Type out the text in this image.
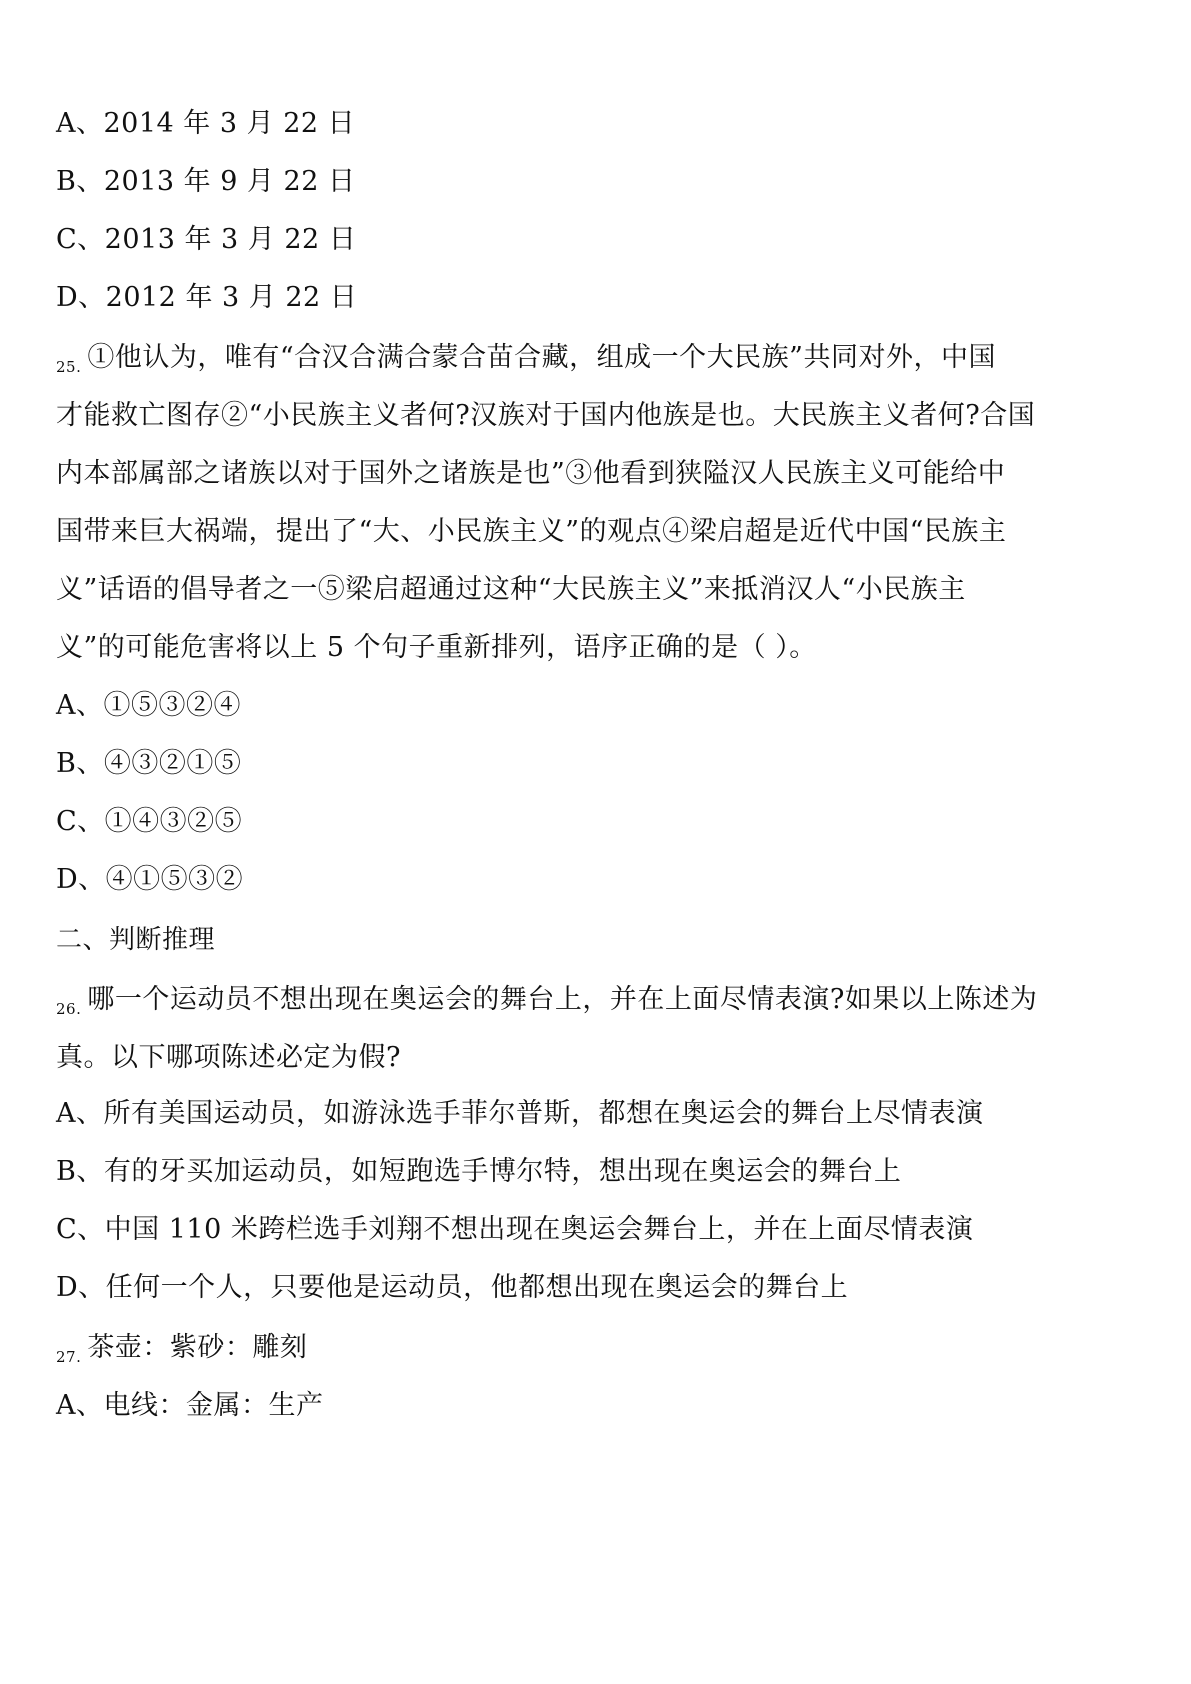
A、2014 年 3 月 22 日
B、2013 年 9 月 22 日
C、2013 年 3 月 22 日
D、2012 年 3 月 22 日
$_{25.}$ ①他认为，唯有“合汉合满合蒙合苗合藏，组成一个大民族”共同对外，中国
才能救亡图存②“小民族主义者何?汉族对于国内他族是也。大民族主义者何?合国
内本部属部之诸族以对于国外之诸族是也”③他看到狭隘汉人民族主义可能给中
国带来巨大祸端，提出了“大、小民族主义”的观点④梁启超是近代中国“民族主
义”话语的倡导者之一⑤梁启超通过这种“大民族主义”来抵消汉人“小民族主
义”的可能危害将以上 5 个句子重新排列，语序正确的是（ ）。
A、①⑤③②④
B、④③②①⑤
C、①④③②⑤
D、④①⑤③②
二、判断推理
$_{26.}$ 哪一个运动员不想出现在奥运会的舞台上，并在上面尽情表演?如果以上陈述为
真。以下哪项陈述必定为假?
A、所有美国运动员，如游泳选手菲尔普斯，都想在奥运会的舞台上尽情表演
B、有的牙买加运动员，如短跑选手博尔特，想出现在奥运会的舞台上
C、中国 110 米跨栏选手刘翔不想出现在奥运会舞台上，并在上面尽情表演
D、任何一个人，只要他是运动员，他都想出现在奥运会的舞台上
$_{27.}$ 茶壶：紫砂：雕刻
A、电线：金属：生产
